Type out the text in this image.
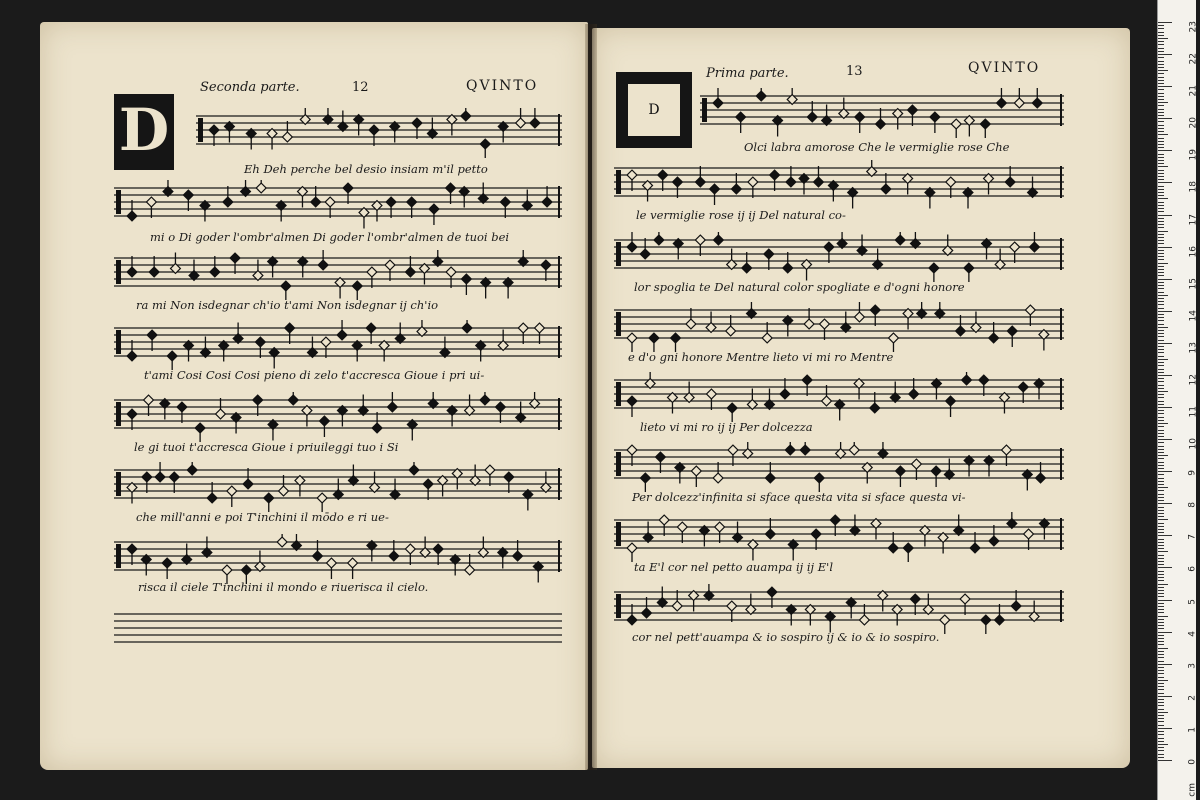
D
Seconda parte.	12	QVINTO
D
Prima parte.	13	QVINTO
Eh Deh perche bel desio insiam m'il petto
mi o Di goder l'ombr'almen Di goder l'ombr'almen de tuoi bei
ra mi Non isdegnar ch'io t'ami Non isdegnar ij ch'io
t'ami Cosi Cosi Cosi pieno di zelo t'accresca Gioue i pri ui-
le gi tuoi t'accresca Gioue i priuileggi tuo i Si
che mill'anni e poi T'inchini il mōdo e ri ue-
risca il ciele T'inchini il mondo e riuerisca il cielo.
Olci labra amorose Che le vermiglie rose Che
le vermiglie rose ij ij Del natural co-
lor spoglia te Del natural color spogliate e d'ogni honore
e d'o gni honore Mentre lieto vi mi ro Mentre
lieto vi mi ro ij ij Per dolcezza
Per dolcezz'infinita si sface questa vita si sface questa vi-
ta E'l cor nel petto auampa ij ij E'l
cor nel pett'auampa & io sospiro ij & io & io sospiro.
23
22
21
20
19
18
17
16
15
14
13
12
11
10
9
8
7
6
5
4
3
2
1
0
cm
